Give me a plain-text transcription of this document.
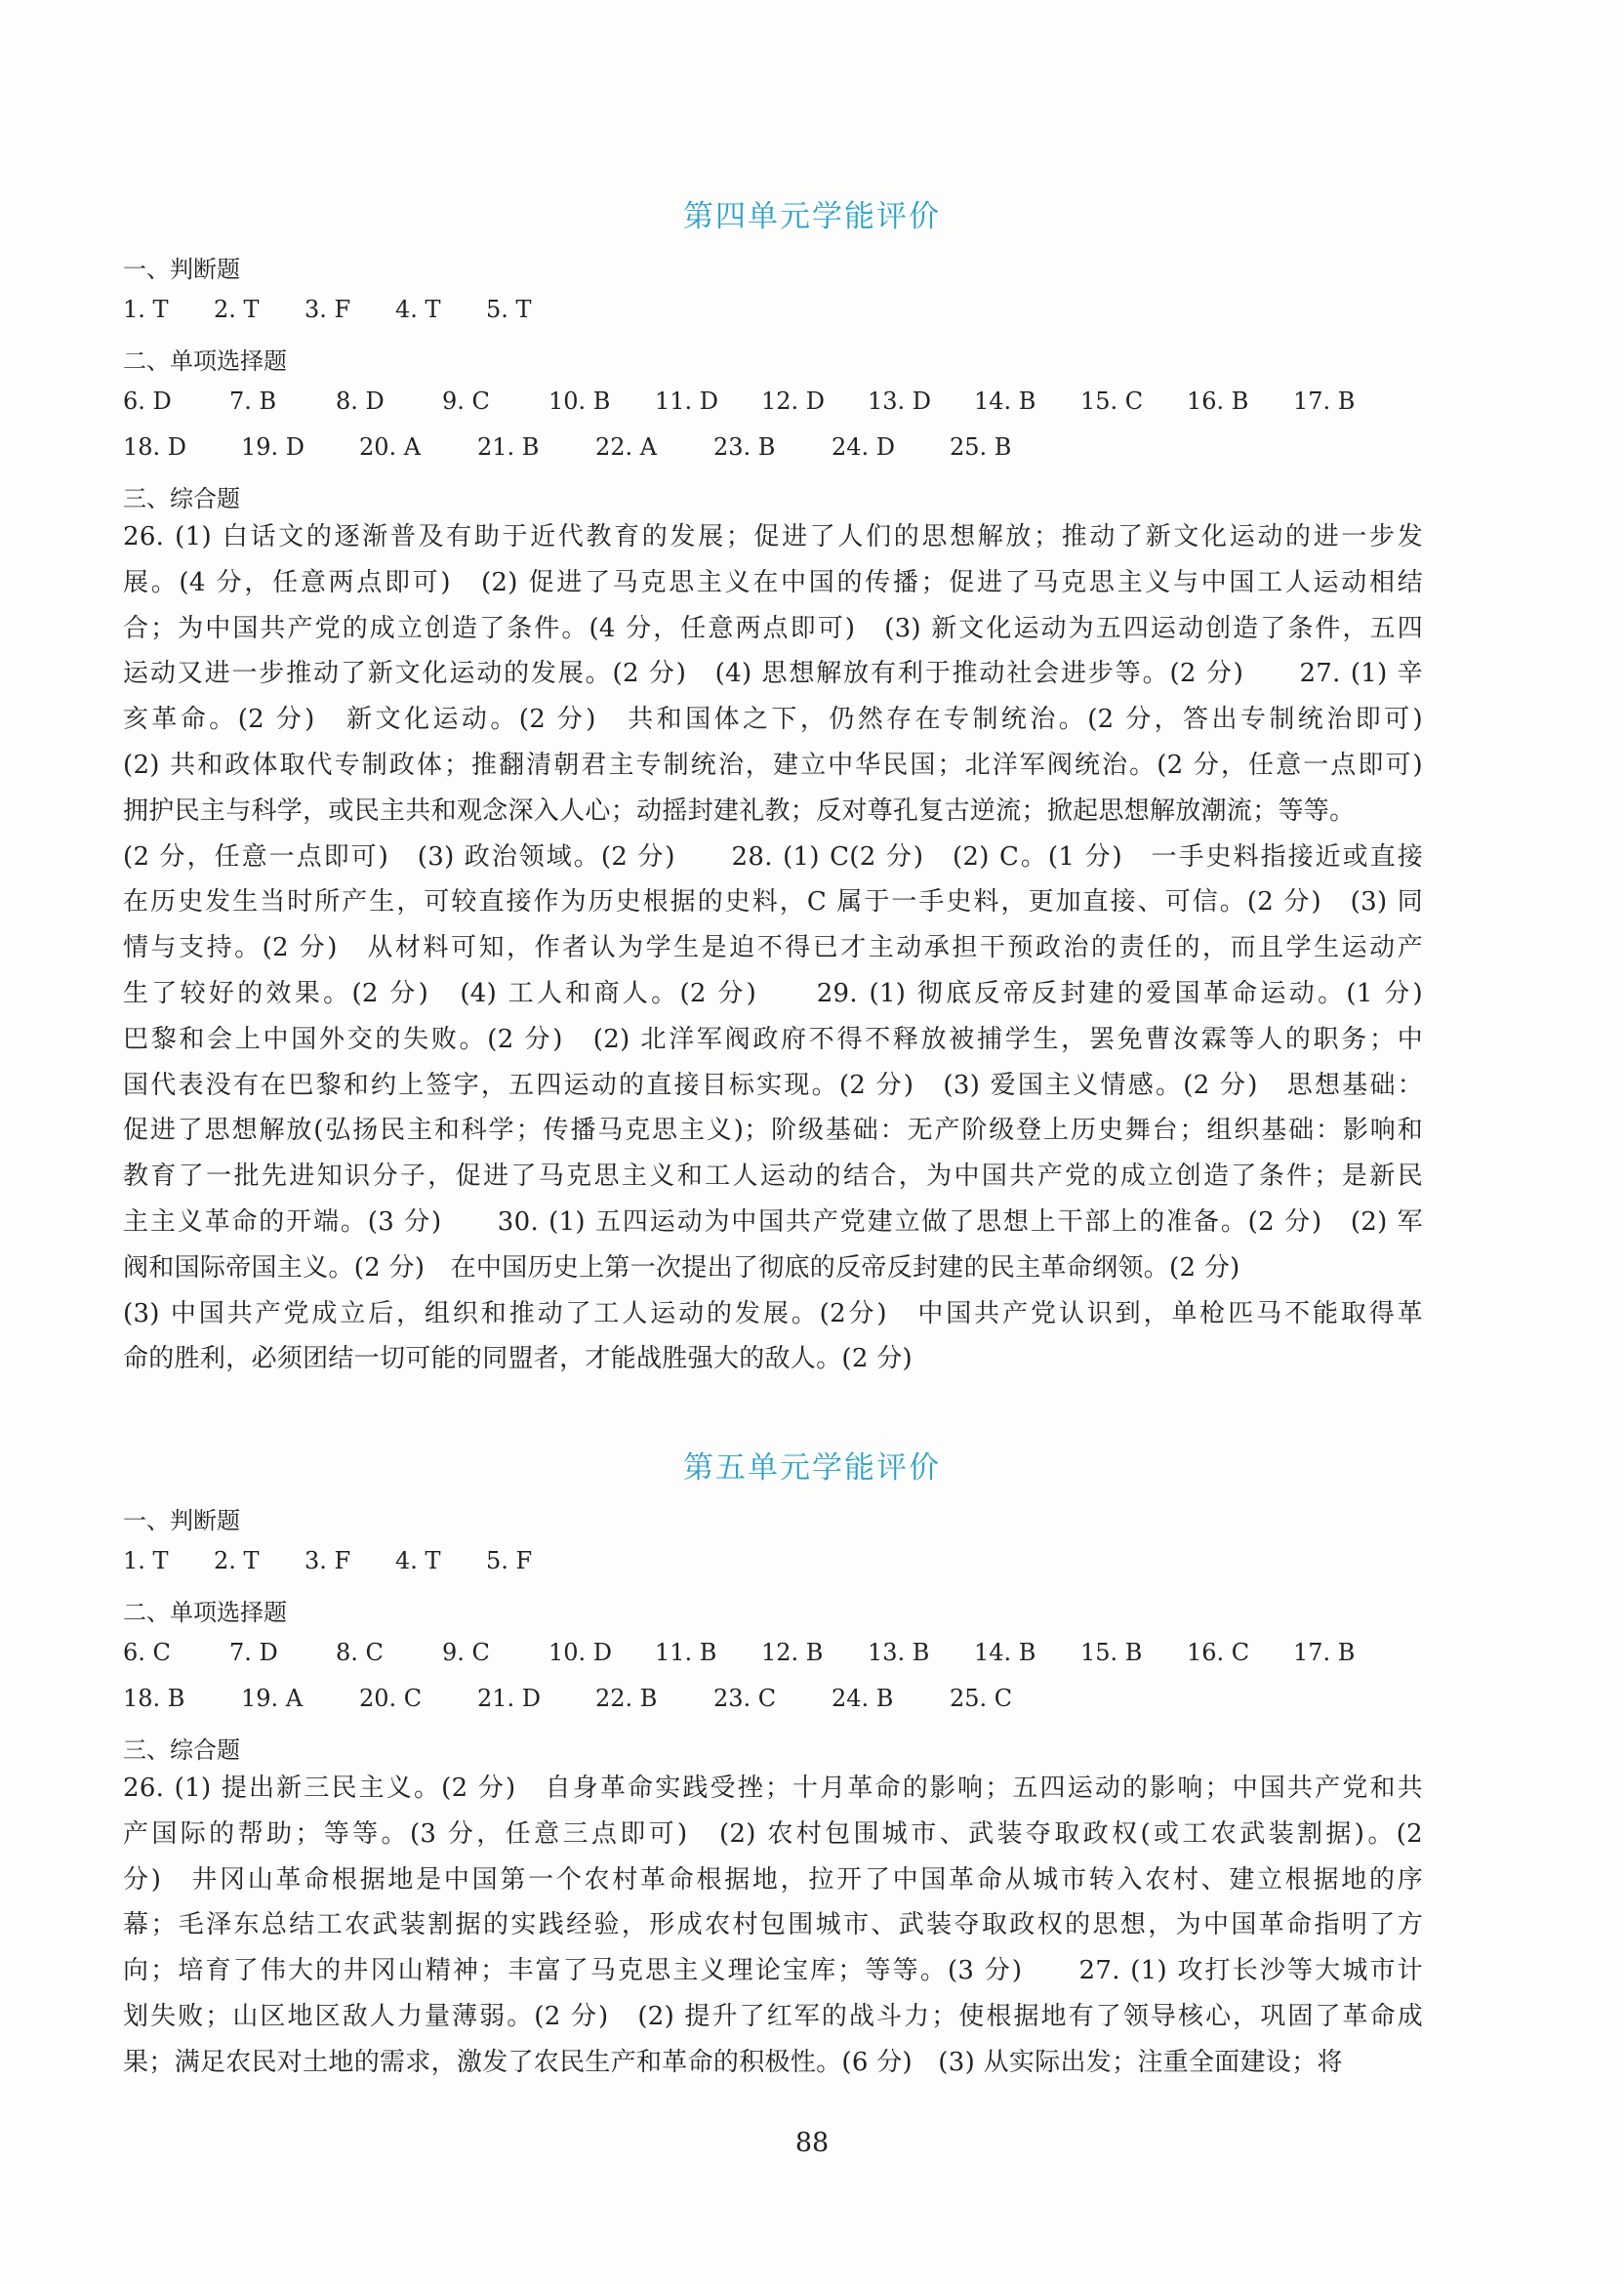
第四单元学能评价
一、判断题
1. T	2. T	3. F	4. T	5. T
二、单项选择题
6. D	7. B	8. D	9. C	10. B	11. D	12. D	13. D	14. B	15. C	16. B	17. B
18. D	19. D	20. A	21. B	22. A	23. B	24. D	25. B
三、综合题
26. (1) 白话文的逐渐普及有助于近代教育的发展；促进了人们的思想解放；推动了新文化运动的进一步发
展。(4 分，任意两点即可)　(2) 促进了马克思主义在中国的传播；促进了马克思主义与中国工人运动相结
合；为中国共产党的成立创造了条件。(4 分，任意两点即可)　(3) 新文化运动为五四运动创造了条件，五四
运动又进一步推动了新文化运动的发展。(2 分)　(4) 思想解放有利于推动社会进步等。(2 分)　　27. (1) 辛
亥革命。(2 分)　新文化运动。(2 分)　共和国体之下，仍然存在专制统治。(2 分，答出专制统治即可)
(2) 共和政体取代专制政体；推翻清朝君主专制统治，建立中华民国；北洋军阀统治。(2 分，任意一点即可)
拥护民主与科学，或民主共和观念深入人心；动摇封建礼教；反对尊孔复古逆流；掀起思想解放潮流；等等。
(2 分，任意一点即可)　(3) 政治领域。(2 分)　　28. (1) C(2 分)　(2) C。(1 分)　一手史料指接近或直接
在历史发生当时所产生，可较直接作为历史根据的史料，C 属于一手史料，更加直接、可信。(2 分)　(3) 同
情与支持。(2 分)　从材料可知，作者认为学生是迫不得已才主动承担干预政治的责任的，而且学生运动产
生了较好的效果。(2 分)　(4) 工人和商人。(2 分)　　29. (1) 彻底反帝反封建的爱国革命运动。(1 分)
巴黎和会上中国外交的失败。(2 分)　(2) 北洋军阀政府不得不释放被捕学生，罢免曹汝霖等人的职务；中
国代表没有在巴黎和约上签字，五四运动的直接目标实现。(2 分)　(3) 爱国主义情感。(2 分)　思想基础：
促进了思想解放(弘扬民主和科学；传播马克思主义)；阶级基础：无产阶级登上历史舞台；组织基础：影响和
教育了一批先进知识分子，促进了马克思主义和工人运动的结合，为中国共产党的成立创造了条件；是新民
主主义革命的开端。(3 分)　　30. (1) 五四运动为中国共产党建立做了思想上干部上的准备。(2 分)　(2) 军
阀和国际帝国主义。(2 分)　在中国历史上第一次提出了彻底的反帝反封建的民主革命纲领。(2 分)
(3) 中国共产党成立后，组织和推动了工人运动的发展。(2分)　中国共产党认识到，单枪匹马不能取得革
命的胜利，必须团结一切可能的同盟者，才能战胜强大的敌人。(2 分)
第五单元学能评价
一、判断题
1. T	2. T	3. F	4. T	5. F
二、单项选择题
6. C	7. D	8. C	9. C	10. D	11. B	12. B	13. B	14. B	15. B	16. C	17. B
18. B	19. A	20. C	21. D	22. B	23. C	24. B	25. C
三、综合题
26. (1) 提出新三民主义。(2 分)　自身革命实践受挫；十月革命的影响；五四运动的影响；中国共产党和共
产国际的帮助；等等。(3 分，任意三点即可)　(2) 农村包围城市、武装夺取政权(或工农武装割据)。(2
分)　井冈山革命根据地是中国第一个农村革命根据地，拉开了中国革命从城市转入农村、建立根据地的序
幕；毛泽东总结工农武装割据的实践经验，形成农村包围城市、武装夺取政权的思想，为中国革命指明了方
向；培育了伟大的井冈山精神；丰富了马克思主义理论宝库；等等。(3 分)　　27. (1) 攻打长沙等大城市计
划失败；山区地区敌人力量薄弱。(2 分)　(2) 提升了红军的战斗力；使根据地有了领导核心，巩固了革命成
果；满足农民对土地的需求，激发了农民生产和革命的积极性。(6 分)　(3) 从实际出发；注重全面建设；将
88
